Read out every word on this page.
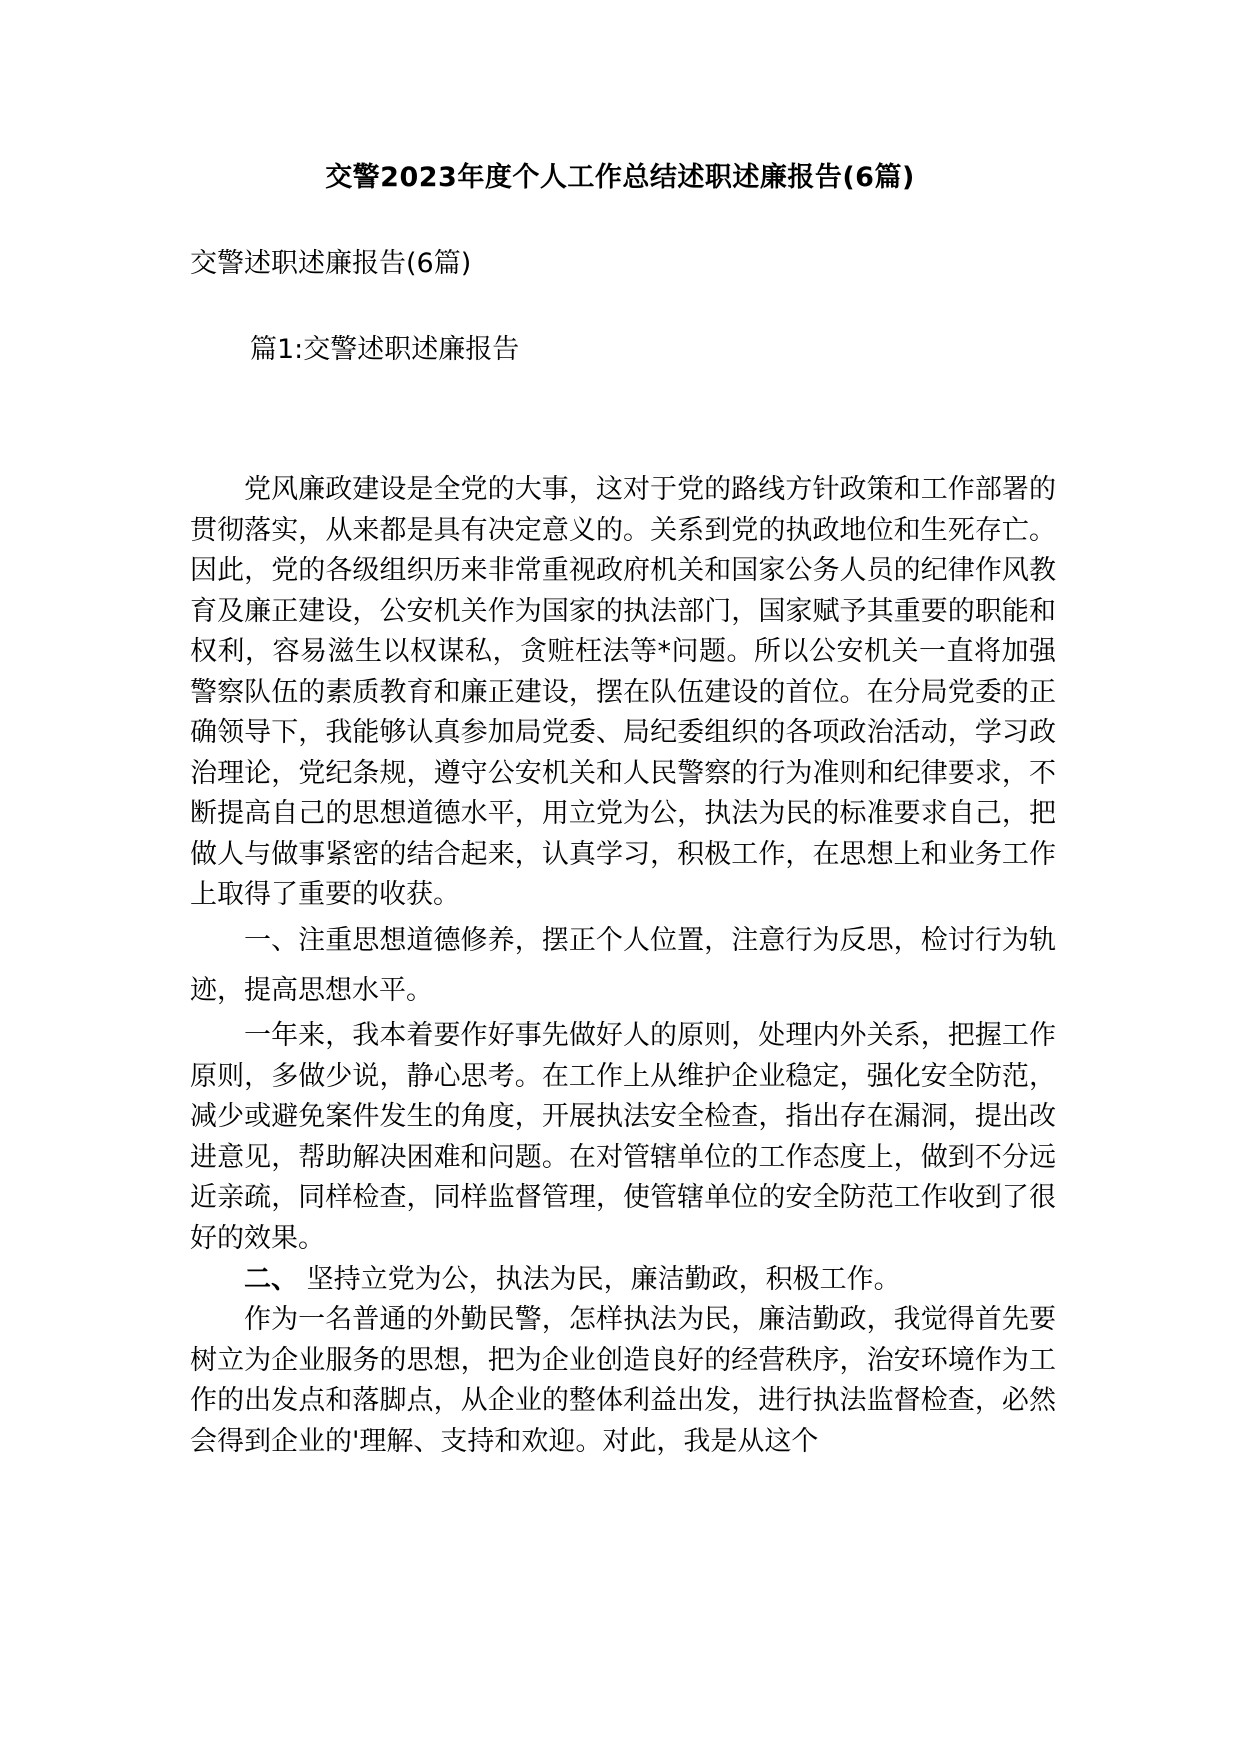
交警2023年度个人工作总结述职述廉报告(6篇)
交警述职述廉报告(6篇)
篇1:交警述职述廉报告

党风廉政建设是全党的大事，这对于党的路线方针政策和工作部署的贯彻落实，从来都是具有决定意义的。关系到党的执政地位和生死存亡。因此，党的各级组织历来非常重视政府机关和国家公务人员的纪律作风教育及廉正建设，公安机关作为国家的执法部门，国家赋予其重要的职能和权利，容易滋生以权谋私，贪赃枉法等*问题。所以公安机关一直将加强警察队伍的素质教育和廉正建设，摆在队伍建设的首位。在分局党委的正确领导下，我能够认真参加局党委、局纪委组织的各项政治活动，学习政治理论，党纪条规，遵守公安机关和人民警察的行为准则和纪律要求，不断提高自己的思想道德水平，用立党为公，执法为民的标准要求自己，把做人与做事紧密的结合起来，认真学习，积极工作，在思想上和业务工作上取得了重要的收获。

一、注重思想道德修养，摆正个人位置，注意行为反思，检讨行为轨迹，提高思想水平。

一年来，我本着要作好事先做好人的原则，处理内外关系，把握工作原则，多做少说，静心思考。在工作上从维护企业稳定，强化安全防范，减少或避免案件发生的角度，开展执法安全检查，指出存在漏洞，提出改进意见，帮助解决困难和问题。在对管辖单位的工作态度上，做到不分远近亲疏，同样检查，同样监督管理，使管辖单位的安全防范工作收到了很好的效果。

二、 坚持立党为公，执法为民，廉洁勤政，积极工作。

作为一名普通的外勤民警，怎样执法为民，廉洁勤政，我觉得首先要树立为企业服务的思想，把为企业创造良好的经营秩序，治安环境作为工作的出发点和落脚点，从企业的整体利益出发，进行执法监督检查，必然会得到企业的'理解、支持和欢迎。对此，我是从这个
